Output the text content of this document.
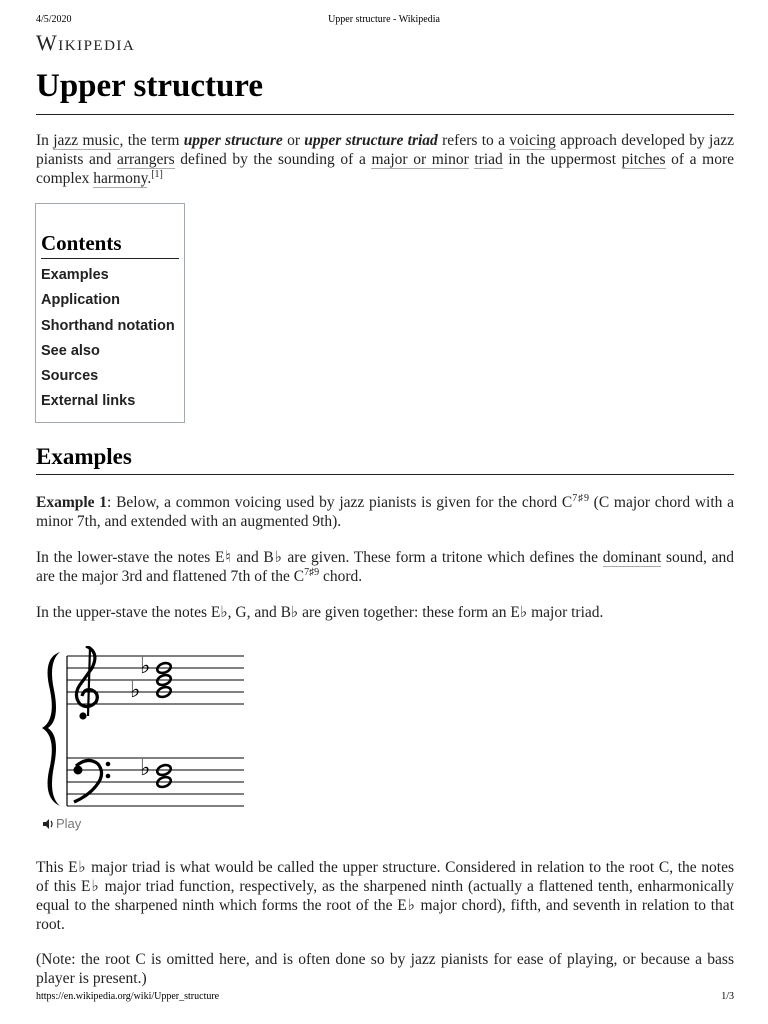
4/5/2020	Upper structure - Wikipedia
Wikipedia
Upper structure

In jazz music, the term upper structure or upper structure triad refers to a voicing approach developed by jazz pianists and arrangers defined by the sounding of a major or minor triad in the uppermost pitches of a more complex harmony.[1]

Contents
Examples
Application
Shorthand notation
See also
Sources
External links
Examples

Example 1: Below, a common voicing used by jazz pianists is given for the chord $C^{7♯9}$ (C major chord with a minor 7th, and extended with an augmented 9th).

In the lower-stave the notes E♮ and B♭ are given. These form a tritone which defines the dominant sound, and are the major 3rd and flattened 7th of the $C^{7♯9}$ chord.

In the upper-stave the notes E♭, G, and B♭ are given together: these form an E♭ major triad.

♭
♭
♭
Play

This E♭ major triad is what would be called the upper structure. Considered in relation to the root C, the notes of this E♭ major triad function, respectively, as the sharpened ninth (actually a flattened tenth, enharmonically equal to the sharpened ninth which forms the root of the E♭ major chord), fifth, and seventh in relation to that root.

(Note: the root C is omitted here, and is often done so by jazz pianists for ease of playing, or because a bass player is present.)

https://en.wikipedia.org/wiki/Upper_structure	1/3
